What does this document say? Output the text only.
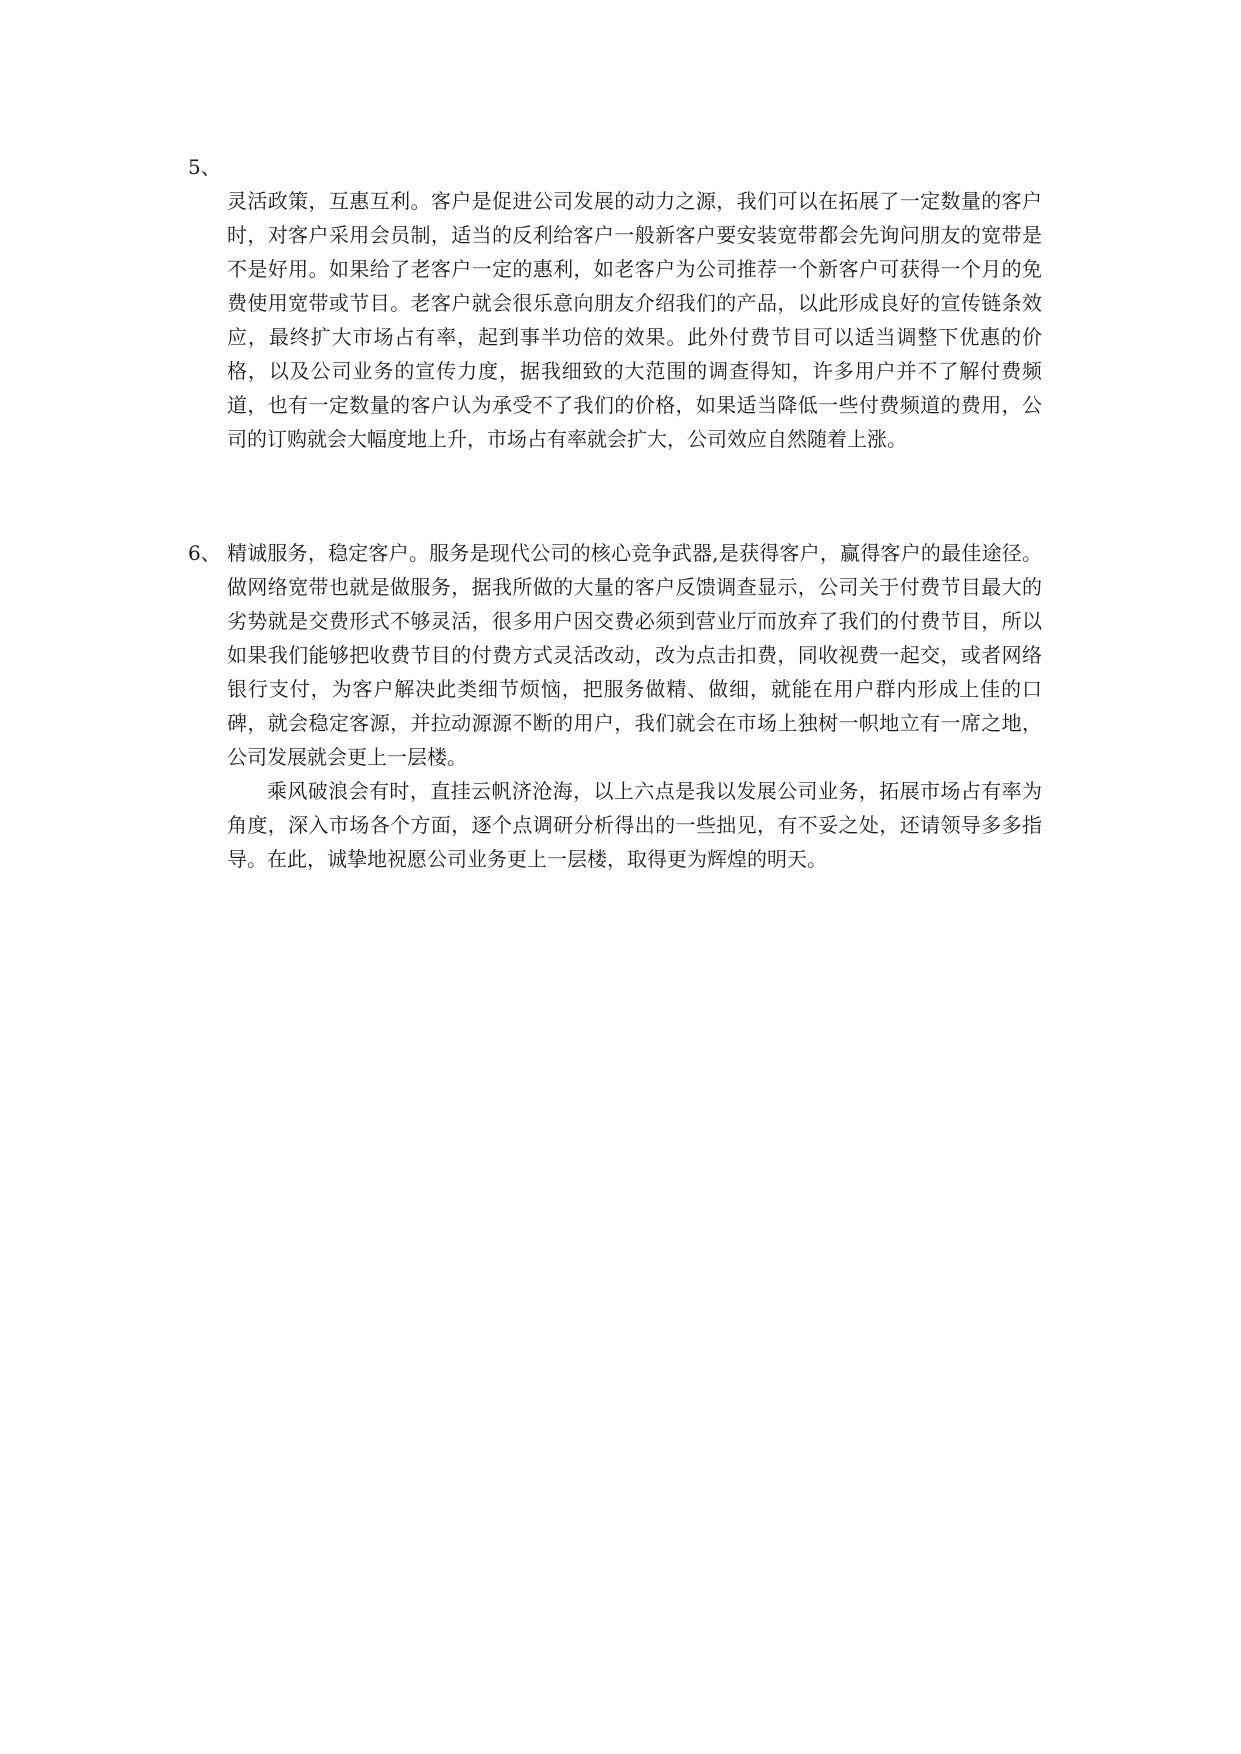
5、

灵活政策，互惠互利。客户是促进公司发展的动力之源，我们可以在拓展了一定数量的客户时，对客户采用会员制，适当的反利给客户一般新客户要安装宽带都会先询问朋友的宽带是不是好用。如果给了老客户一定的惠利，如老客户为公司推荐一个新客户可获得一个月的免费使用宽带或节目。老客户就会很乐意向朋友介绍我们的产品，以此形成良好的宣传链条效应，最终扩大市场占有率，起到事半功倍的效果。此外付费节目可以适当调整下优惠的价格，以及公司业务的宣传力度，据我细致的大范围的调查得知，许多用户并不了解付费频道，也有一定数量的客户认为承受不了我们的价格，如果适当降低一些付费频道的费用，公司的订购就会大幅度地上升，市场占有率就会扩大，公司效应自然随着上涨。

6、 精诚服务，稳定客户。服务是现代公司的核心竞争武器,是获得客户，赢得客户的最佳途径。做网络宽带也就是做服务，据我所做的大量的客户反馈调查显示，公司关于付费节目最大的劣势就是交费形式不够灵活，很多用户因交费必须到营业厅而放弃了我们的付费节目，所以如果我们能够把收费节目的付费方式灵活改动，改为点击扣费，同收视费一起交，或者网络银行支付，为客户解决此类细节烦恼，把服务做精、做细，就能在用户群内形成上佳的口碑，就会稳定客源，并拉动源源不断的用户，我们就会在市场上独树一帜地立有一席之地，公司发展就会更上一层楼。

乘风破浪会有时，直挂云帆济沧海，以上六点是我以发展公司业务，拓展市场占有率为角度，深入市场各个方面，逐个点调研分析得出的一些拙见，有不妥之处，还请领导多多指导。在此，诚挚地祝愿公司业务更上一层楼，取得更为辉煌的明天。
